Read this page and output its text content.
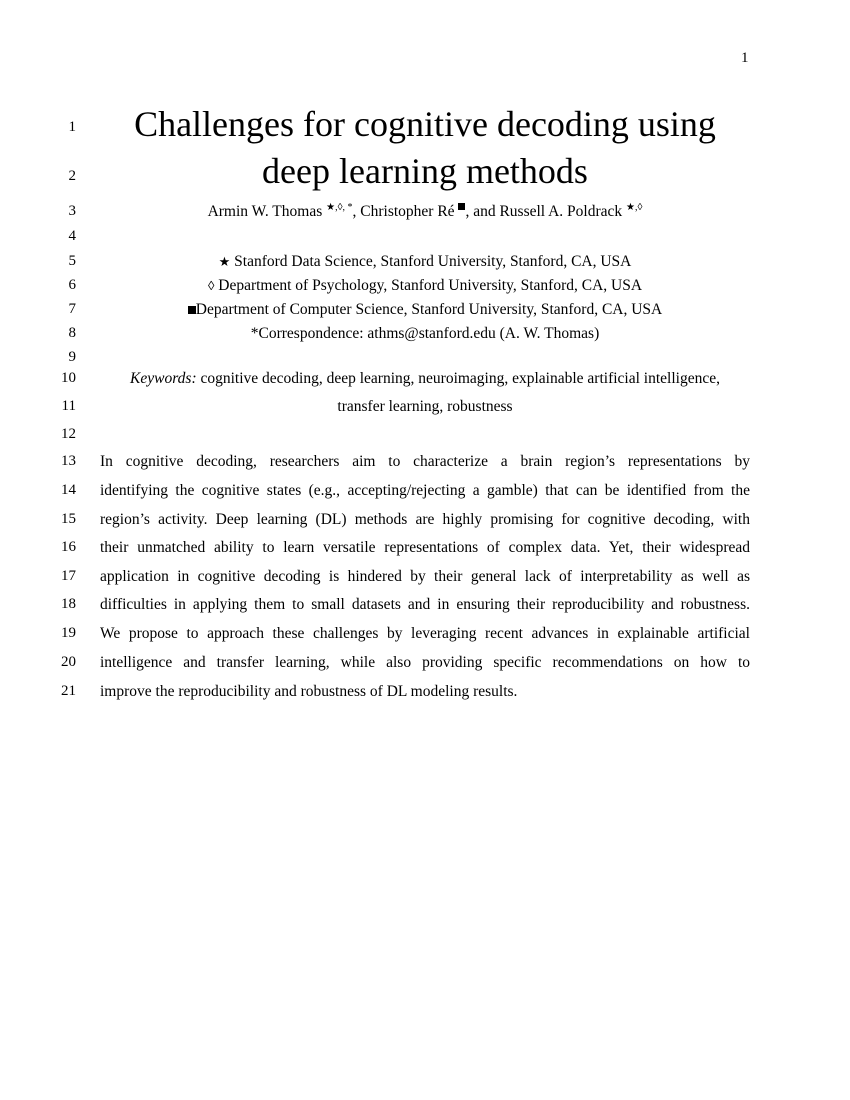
1
1
2
3
4
5
6
7
8
9
10
11
12
13
14
15
16
17
18
19
20
21
Challenges for cognitive decoding using
deep learning methods
Armin W. Thomas ★,◊, *, Christopher Ré , and Russell A. Poldrack ★,◊
★ Stanford Data Science, Stanford University, Stanford, CA, USA
◊ Department of Psychology, Stanford University, Stanford, CA, USA
Department of Computer Science, Stanford University, Stanford, CA, USA
*Correspondence: athms@stanford.edu (A. W. Thomas)
Keywords: cognitive decoding, deep learning, neuroimaging, explainable artificial intelligence,
transfer learning, robustness
In cognitive decoding, researchers aim to characterize a brain region’s representations by
identifying the cognitive states (e.g., accepting/rejecting a gamble) that can be identified from the
region’s activity. Deep learning (DL) methods are highly promising for cognitive decoding, with
their unmatched ability to learn versatile representations of complex data. Yet, their widespread
application in cognitive decoding is hindered by their general lack of interpretability as well as
difficulties in applying them to small datasets and in ensuring their reproducibility and robustness.
We propose to approach these challenges by leveraging recent advances in explainable artificial
intelligence and transfer learning, while also providing specific recommendations on how to
improve the reproducibility and robustness of DL modeling results.
